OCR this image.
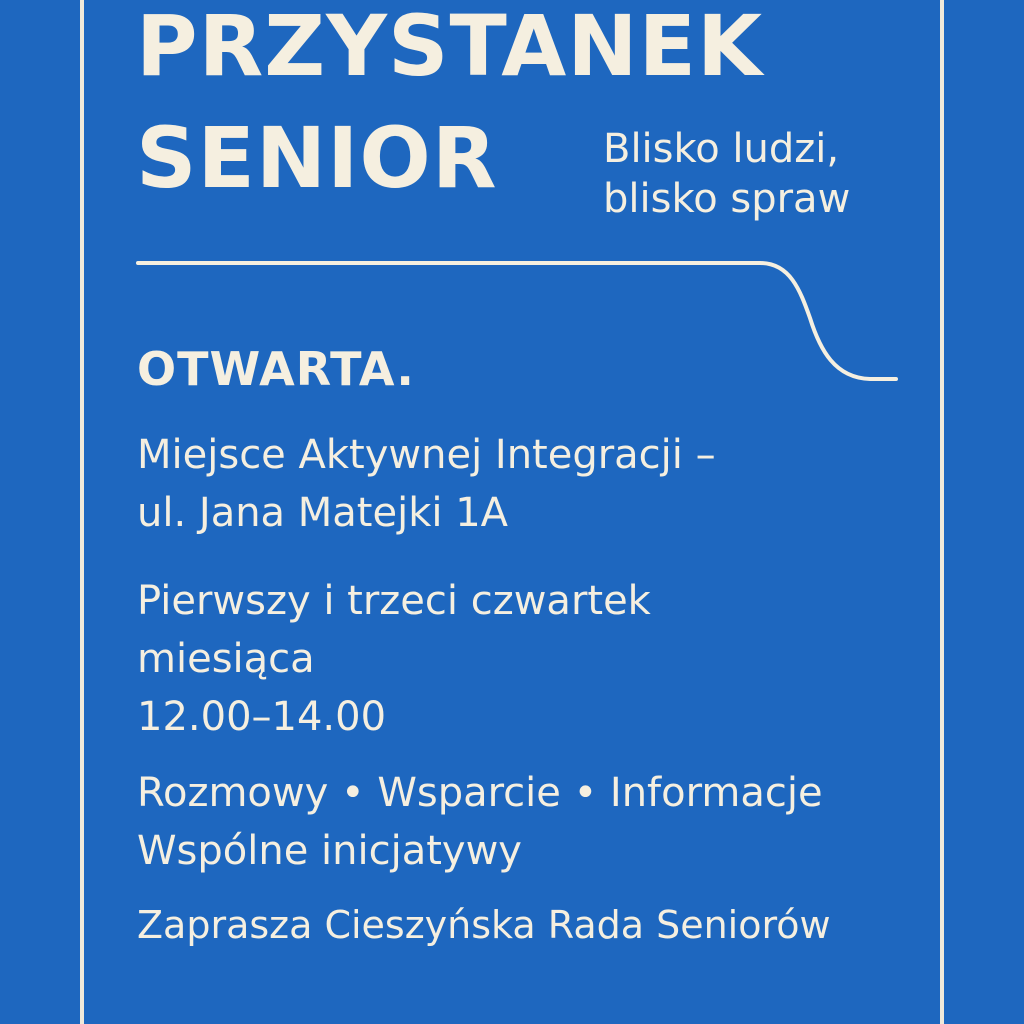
PRZYSTANEK
SENIOR	Blisko ludzi,
blisko spraw
OTWARTA.
Miejsce Aktywnej Integracji –
ul. Jana Matejki 1A
Pierwszy i trzeci czwartek
miesiąca
12.00–14.00
Rozmowy • Wsparcie • Informacje
Wspólne inicjatywy
Zaprasza Cieszyńska Rada Seniorów
